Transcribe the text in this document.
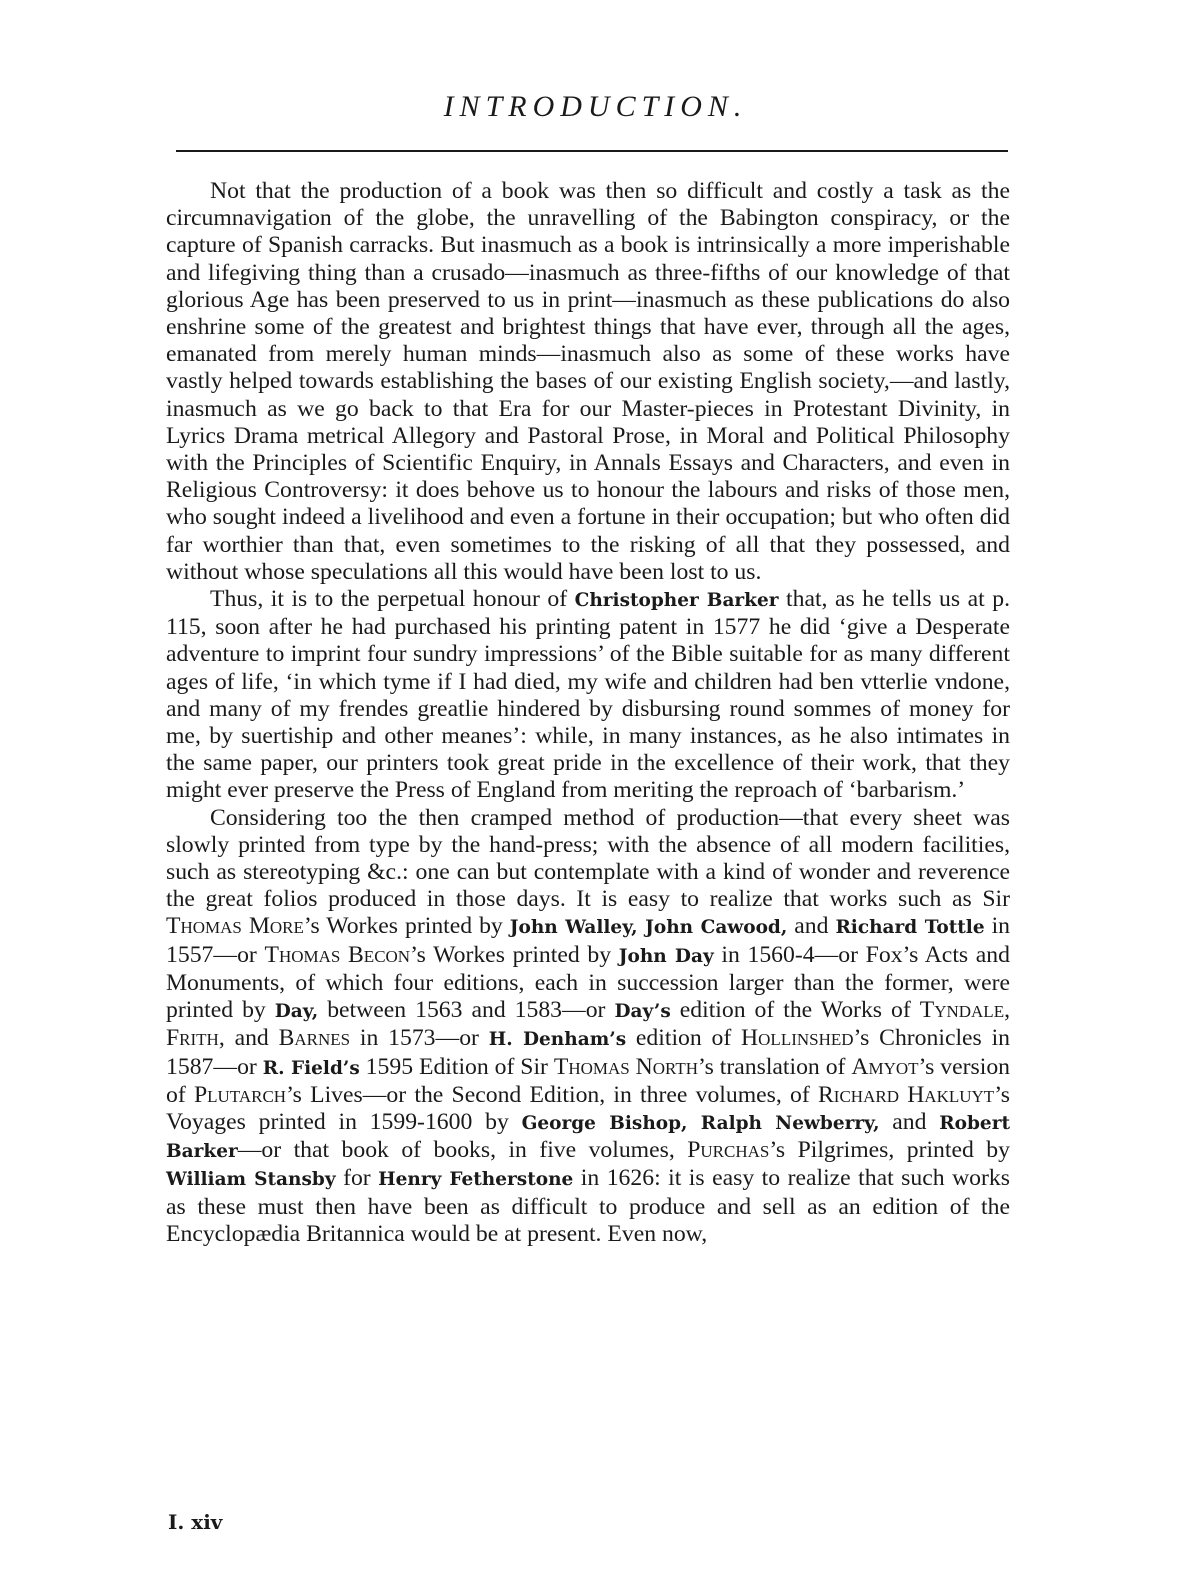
INTRODUCTION.

Not that the production of a book was then so difficult and costly a task as the circumnavigation of the globe, the unravelling of the Babington conspiracy, or the capture of Spanish carracks. But inasmuch as a book is intrinsically a more imperishable and lifegiving thing than a crusado—inasmuch as three-fifths of our knowledge of that glorious Age has been preserved to us in print—inasmuch as these publications do also enshrine some of the greatest and brightest things that have ever, through all the ages, emanated from merely human minds—inasmuch also as some of these works have vastly helped towards establishing the bases of our existing English society,—and lastly, inasmuch as we go back to that Era for our Master-pieces in Protestant Divinity, in Lyrics Drama metrical Allegory and Pastoral Prose, in Moral and Political Philosophy with the Principles of Scientific Enquiry, in Annals Essays and Characters, and even in Religious Controversy: it does behove us to honour the labours and risks of those men, who sought indeed a livelihood and even a fortune in their occupation; but who often did far worthier than that, even sometimes to the risking of all that they possessed, and without whose speculations all this would have been lost to us.

Thus, it is to the perpetual honour of Christopher Barker that, as he tells us at p. 115, soon after he had purchased his printing patent in 1577 he did ‘give a Desperate adventure to imprint four sundry impressions’ of the Bible suitable for as many different ages of life, ‘in which tyme if I had died, my wife and children had ben vtterlie vndone, and many of my frendes greatlie hindered by disbursing round sommes of money for me, by suertiship and other meanes’: while, in many instances, as he also intimates in the same paper, our printers took great pride in the excellence of their work, that they might ever preserve the Press of England from meriting the reproach of ‘barbarism.’

Considering too the then cramped method of production—that every sheet was slowly printed from type by the hand-press; with the absence of all modern facilities, such as stereotyping &c.: one can but contemplate with a kind of wonder and reverence the great folios produced in those days. It is easy to realize that works such as Sir Thomas More’s Workes printed by John Walley, John Cawood, and Richard Tottle in 1557—or Thomas Becon’s Workes printed by John Day in 1560-4—or Fox’s Acts and Monuments, of which four editions, each in succession larger than the former, were printed by Day, between 1563 and 1583—or Day’s edition of the Works of Tyndale, Frith, and Barnes in 1573—or H. Denham’s edition of Hollinshed’s Chronicles in 1587—or R. Field’s 1595 Edition of Sir Thomas North’s translation of Amyot’s version of Plutarch’s Lives—or the Second Edition, in three volumes, of Richard Hakluyt’s Voyages printed in 1599-1600 by George Bishop, Ralph Newberry, and Robert Barker—or that book of books, in five volumes, Purchas’s Pilgrimes, printed by William Stansby for Henry Fetherstone in 1626: it is easy to realize that such works as these must then have been as difficult to produce and sell as an edition of the Encyclopædia Britannica would be at present. Even now,

I. xiv
